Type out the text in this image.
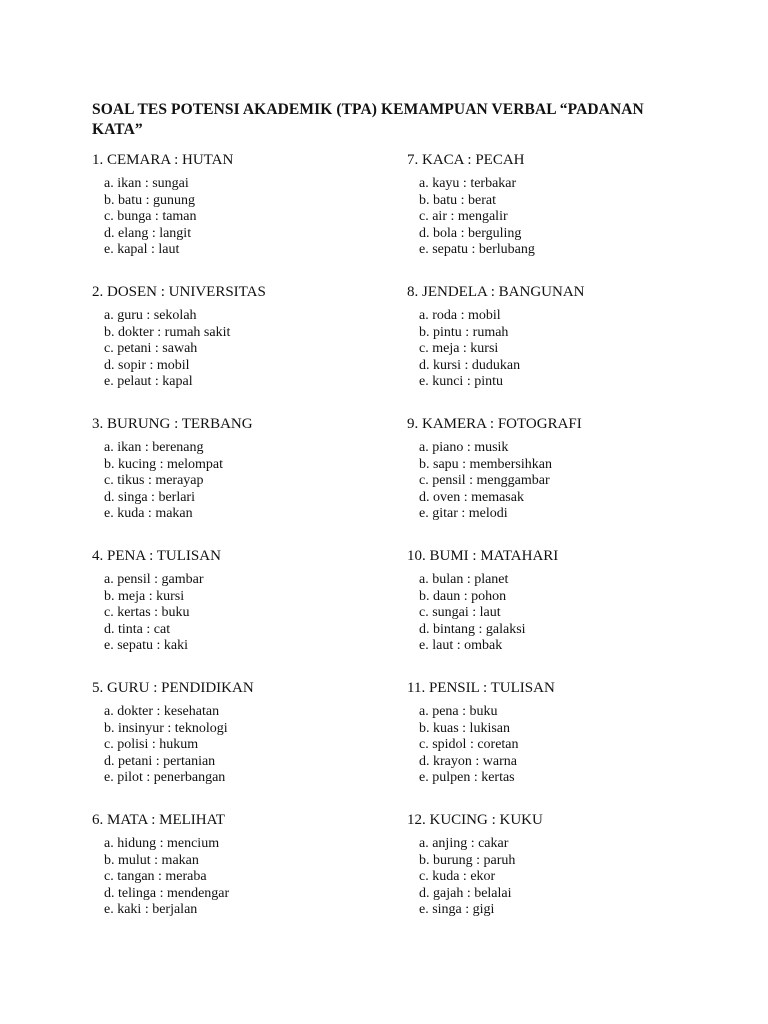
SOAL TES POTENSI AKADEMIK (TPA) KEMAMPUAN VERBAL “PADANAN KATA”
1. CEMARA : HUTAN
a. ikan : sungai
b. batu : gunung
c. bunga : taman
d. elang : langit
e. kapal : laut
2. DOSEN : UNIVERSITAS
a. guru : sekolah
b. dokter : rumah sakit
c. petani : sawah
d. sopir : mobil
e. pelaut : kapal
3. BURUNG : TERBANG
a. ikan : berenang
b. kucing : melompat
c. tikus : merayap
d. singa : berlari
e. kuda : makan
4. PENA : TULISAN
a. pensil : gambar
b. meja : kursi
c. kertas : buku
d. tinta : cat
e. sepatu : kaki
5. GURU : PENDIDIKAN
a. dokter : kesehatan
b. insinyur : teknologi
c. polisi : hukum
d. petani : pertanian
e. pilot : penerbangan
6. MATA : MELIHAT
a. hidung : mencium
b. mulut : makan
c. tangan : meraba
d. telinga : mendengar
e. kaki : berjalan
7. KACA : PECAH
a. kayu : terbakar
b. batu : berat
c. air : mengalir
d. bola : berguling
e. sepatu : berlubang
8. JENDELA : BANGUNAN
a. roda : mobil
b. pintu : rumah
c. meja : kursi
d. kursi : dudukan
e. kunci : pintu
9. KAMERA : FOTOGRAFI
a. piano : musik
b. sapu : membersihkan
c. pensil : menggambar
d. oven : memasak
e. gitar : melodi
10. BUMI : MATAHARI
a. bulan : planet
b. daun : pohon
c. sungai : laut
d. bintang : galaksi
e. laut : ombak
11. PENSIL : TULISAN
a. pena : buku
b. kuas : lukisan
c. spidol : coretan
d. krayon : warna
e. pulpen : kertas
12. KUCING : KUKU
a. anjing : cakar
b. burung : paruh
c. kuda : ekor
d. gajah : belalai
e. singa : gigi
